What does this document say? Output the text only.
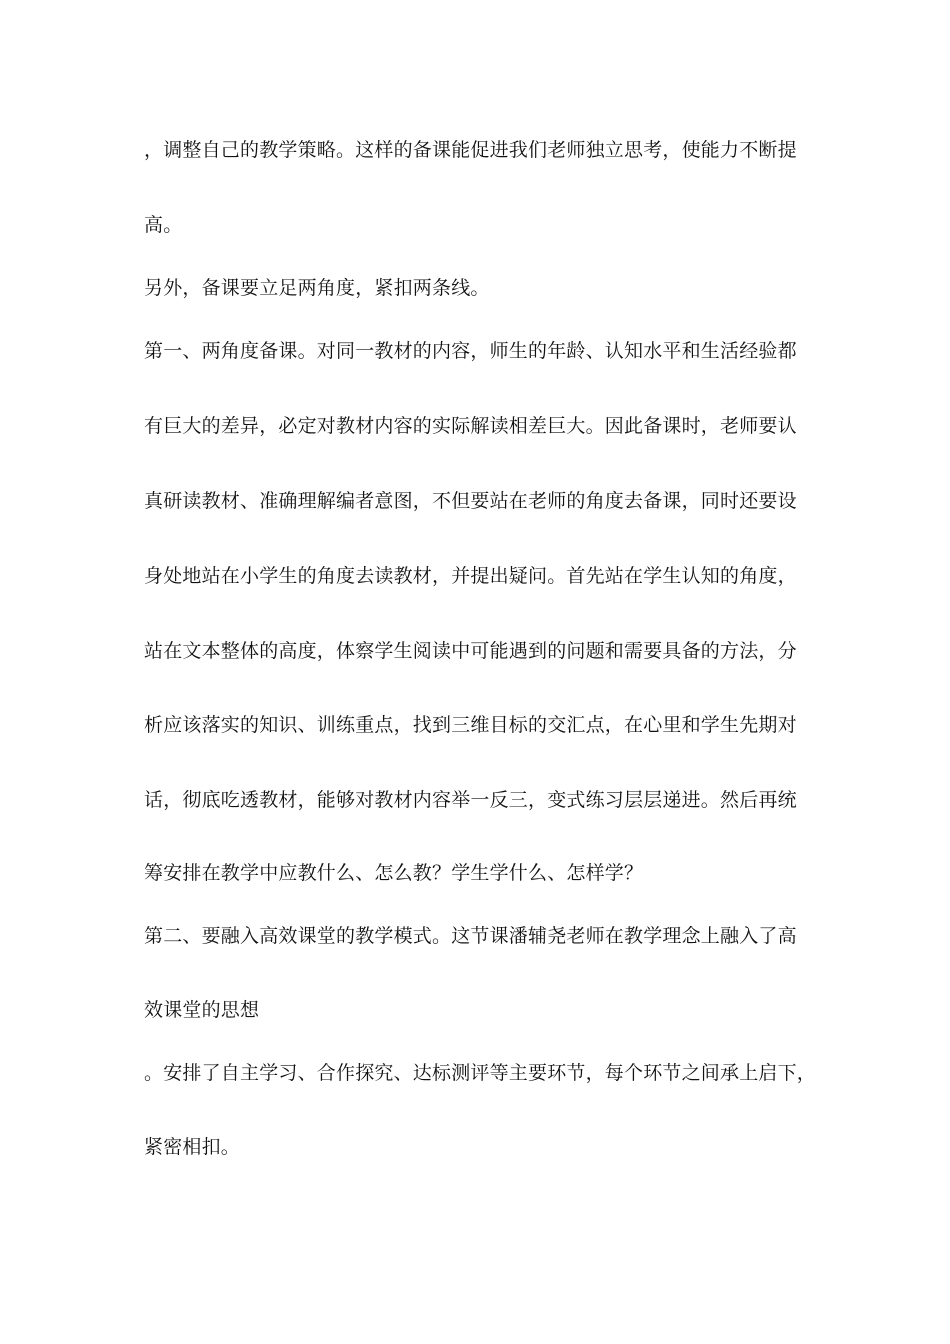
，调整自己的教学策略。这样的备课能促进我们老师独立思考，使能力不断提
高。
另外，备课要立足两角度，紧扣两条线。
第一、两角度备课。对同一教材的内容，师生的年龄、认知水平和生活经验都
有巨大的差异，必定对教材内容的实际解读相差巨大。因此备课时，老师要认
真研读教材、准确理解编者意图，不但要站在老师的角度去备课，同时还要设
身处地站在小学生的角度去读教材，并提出疑问。首先站在学生认知的角度，
站在文本整体的高度，体察学生阅读中可能遇到的问题和需要具备的方法，分
析应该落实的知识、训练重点，找到三维目标的交汇点，在心里和学生先期对
话，彻底吃透教材，能够对教材内容举一反三，变式练习层层递进。然后再统
筹安排在教学中应教什么、怎么教？学生学什么、怎样学？
第二、要融入高效课堂的教学模式。这节课潘辅尧老师在教学理念上融入了高
效课堂的思想
。安排了自主学习、合作探究、达标测评等主要环节，每个环节之间承上启下，
紧密相扣。
